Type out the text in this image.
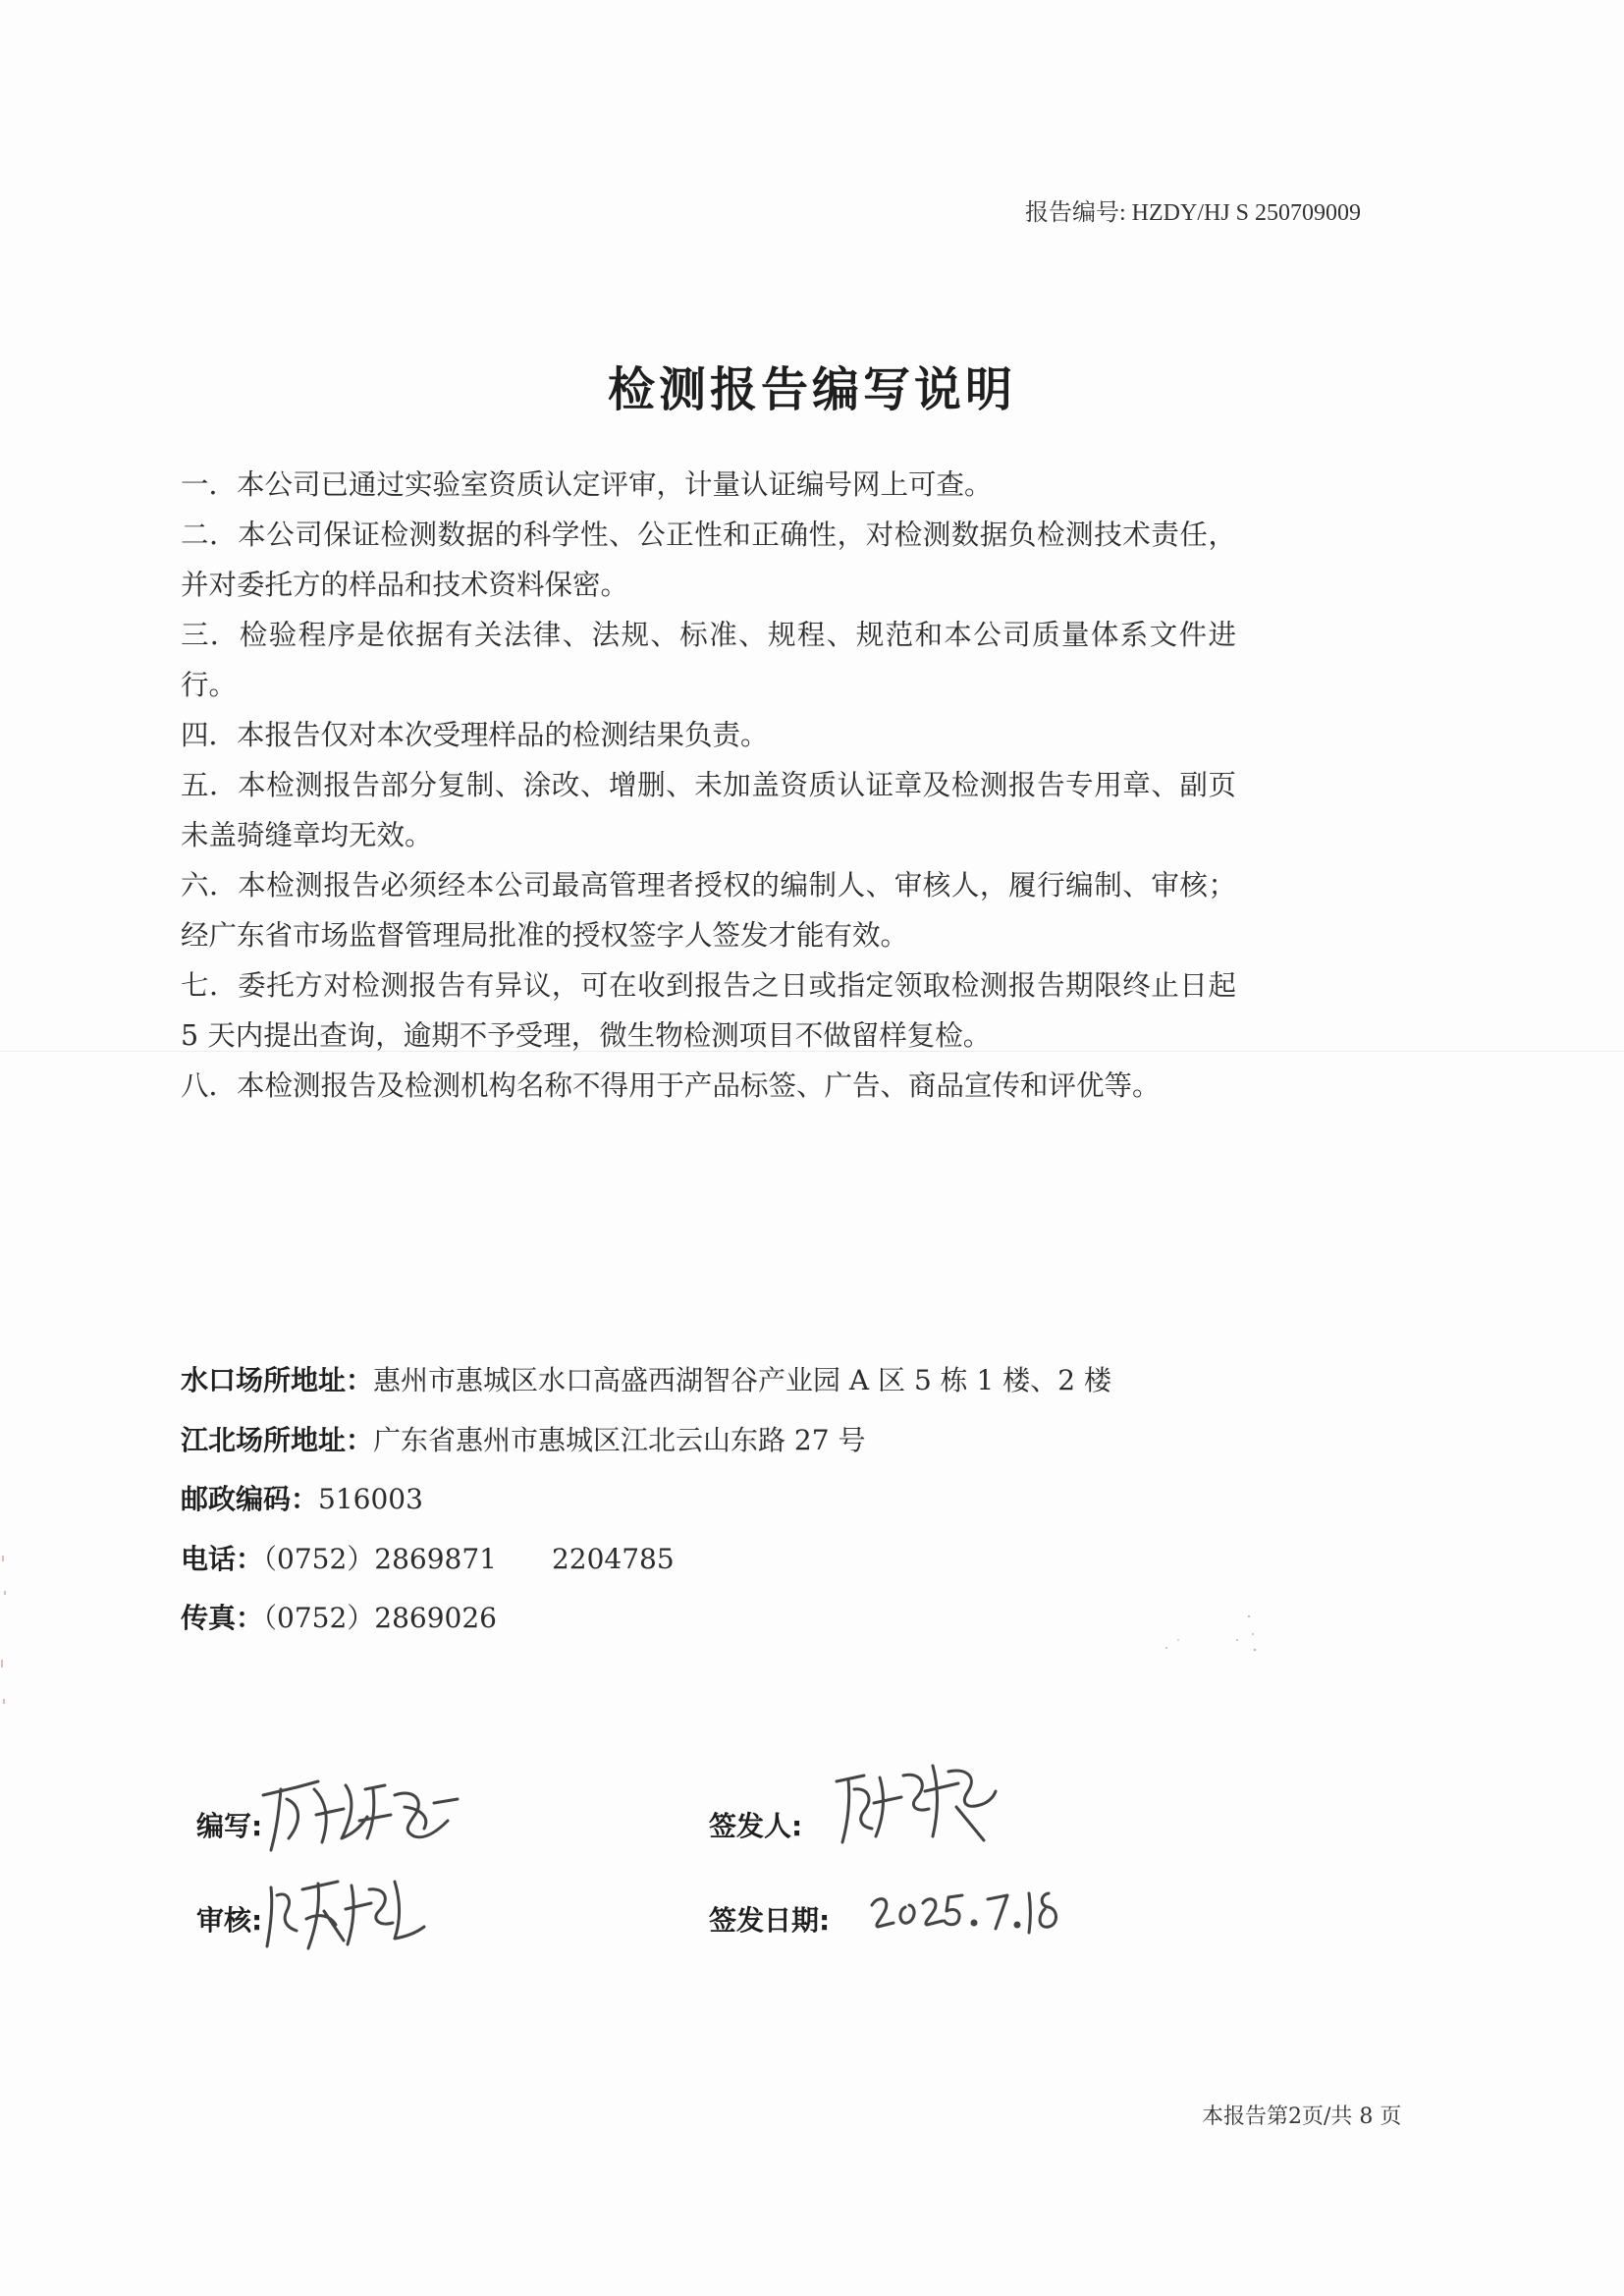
报告编号: HZDY/HJ S 250709009
检测报告编写说明
一．本公司已通过实验室资质认定评审，计量认证编号网上可查。
二．本公司保证检测数据的科学性、公正性和正确性，对检测数据负检测技术责任，并对委托方的样品和技术资料保密。
三．检验程序是依据有关法律、法规、标准、规程、规范和本公司质量体系文件进行。
四．本报告仅对本次受理样品的检测结果负责。
五．本检测报告部分复制、涂改、增删、未加盖资质认证章及检测报告专用章、副页未盖骑缝章均无效。
六．本检测报告必须经本公司最高管理者授权的编制人、审核人，履行编制、审核；经广东省市场监督管理局批准的授权签字人签发才能有效。
七．委托方对检测报告有异议，可在收到报告之日或指定领取检测报告期限终止日起 5 天内提出查询，逾期不予受理，微生物检测项目不做留样复检。
八．本检测报告及检测机构名称不得用于产品标签、广告、商品宣传和评优等。
水口场所地址：惠州市惠城区水口高盛西湖智谷产业园 A 区 5 栋 1 楼、2 楼
江北场所地址：广东省惠州市惠城区江北云山东路 27 号
邮政编码：516003
电话：（0752）2869871　　2204785
传真：（0752）2869026
编写:
审核:
签发人:
签发日期:
本报告第2页/共 8 页
